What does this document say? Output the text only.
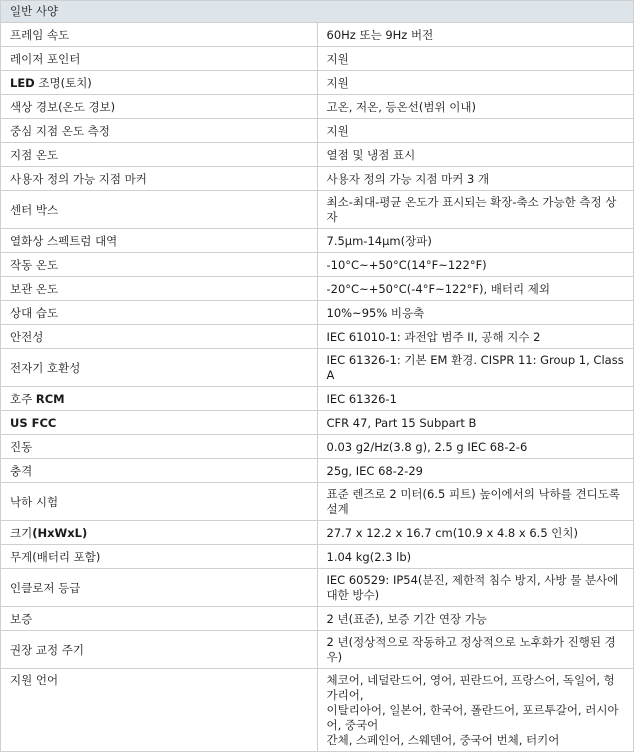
일반 사양	
프레임 속도	60Hz 또는 9Hz 버전
레이저 포인터	지원
LED 조명(토치)	지원
색상 경보(온도 경보)	고온, 저온, 등온선(범위 이내)
중심 지점 온도 측정	지원
지점 온도	열점 및 냉점 표시
사용자 정의 가능 지점 마커	사용자 정의 가능 지점 마커 3 개
센터 박스	최소-최대-평균 온도가 표시되는 확장-축소 가능한 측정 상자
열화상 스펙트럼 대역	7.5μm-14μm(장파)
작동 온도	-10°C~+50°C(14°F~122°F)
보관 온도	-20°C~+50°C(-4°F~122°F), 배터리 제외
상대 습도	10%~95% 비응축
안전성	IEC 61010-1: 과전압 범주 II, 공해 지수 2
전자기 호환성	IEC 61326-1: 기본 EM 환경. CISPR 11: Group 1, Class A
호주 RCM	IEC 61326-1
US FCC	CFR 47, Part 15 Subpart B
진동	0.03 g2/Hz(3.8 g), 2.5 g IEC 68-2-6
충격	25g, IEC 68-2-29
낙하 시험	표준 렌즈로 2 미터(6.5 피트) 높이에서의 낙하를 견디도록 설계
크기(HxWxL)	27.7 x 12.2 x 16.7 cm(10.9 x 4.8 x 6.5 인치)
무게(배터리 포함)	1.04 kg(2.3 lb)
인클로저 등급	IEC 60529: IP54(분진, 제한적 침수 방지, 사방 물 분사에 대한 방수)
보증	2 년(표준), 보증 기간 연장 가능
권장 교정 주기	2 년(정상적으로 작동하고 정상적으로 노후화가 진행된 경우)
지원 언어	체코어, 네덜란드어, 영어, 핀란드어, 프랑스어, 독일어, 헝가리어,
이탈리아어, 일본어, 한국어, 폴란드어, 포르투갈어, 러시아어, 중국어
간체, 스페인어, 스웨덴어, 중국어 번체, 터키어
